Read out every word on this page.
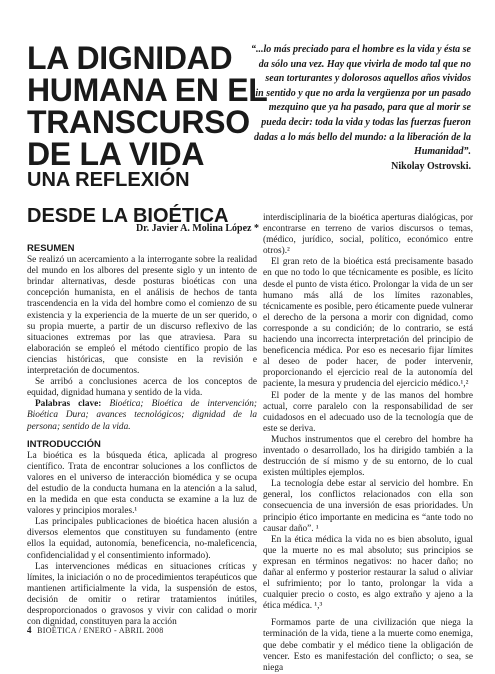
LA DIGNIDAD
HUMANA EN EL
TRANSCURSO
DE LA VIDA
UNA REFLEXIÓN
DESDE LA BIOÉTICA
“...lo más preciado para el hombre es la vida y ésta se da sólo una vez. Hay que vivirla de modo tal que no sean torturantes y dolorosos aquellos años vividos sin sentido y que no arda la vergüenza por un pasado mezquino que ya ha pasado, para que al morir se pueda decir: toda la vida y todas las fuerzas fueron dadas a lo más bello del mundo: a la liberación de la Humanidad”.
Nikolay Ostrovski.
Dr. Javier A. Molina López *
RESUMEN

Se realizó un acercamiento a la interrogante sobre la realidad del mundo en los albores del presente siglo y un intento de brindar alternativas, desde posturas bioéticas con una concepción humanista, en el análisis de hechos de tanta trascendencia en la vida del hombre como el comienzo de su existencia y la experiencia de la muerte de un ser querido, o su propia muerte, a partir de un discurso reflexivo de las situaciones extremas por las que atraviesa. Para su elaboración se empleó el método científico propio de las ciencias históricas, que consiste en la revisión e interpretación de documentos.

Se arribó a conclusiones acerca de los conceptos de equidad, dignidad humana y sentido de la vida.

Palabras clave: Bioética; Bioética de intervención; Bioética Dura; avances tecnológicos; dignidad de la persona; sentido de la vida.

INTRODUCCIÓN

La bioética es la búsqueda ética, aplicada al progreso científico. Trata de encontrar soluciones a los conflictos de valores en el universo de interacción biomédica y se ocupa del estudio de la conducta humana en la atención a la salud, en la medida en que esta conducta se examine a la luz de valores y principios morales.¹

Las principales publicaciones de bioética hacen alusión a diversos elementos que constituyen su fundamento (entre ellos la equidad, autonomía, beneficencia, no-maleficencia, confidencialidad y el consentimiento informado).

Las intervenciones médicas en situaciones críticas y límites, la iniciación o no de procedimientos terapéuticos que mantienen artificialmente la vida, la suspensión de estos, decisión de omitir o retirar tratamientos inútiles, desproporcionados o gravosos y vivir con calidad o morir con dignidad, constituyen para la acción

interdisciplinaria de la bioética aperturas dialógicas, por encontrarse en terreno de varios discursos o temas, (médico, jurídico, social, político, económico entre otros).²

El gran reto de la bioética está precisamente basado en que no todo lo que técnicamente es posible, es lícito desde el punto de vista ético. Prolongar la vida de un ser humano más allá de los límites razonables, técnicamente es posible, pero éticamente puede vulnerar el derecho de la persona a morir con dignidad, como corresponde a su condición; de lo contrario, se está haciendo una incorrecta interpretación del principio de beneficencia médica. Por eso es necesario fijar límites al deseo de poder hacer, de poder intervenir, proporcionando el ejercicio real de la autonomía del paciente, la mesura y prudencia del ejercicio médico.¹,²

El poder de la mente y de las manos del hombre actual, corre paralelo con la responsabilidad de ser cuidadosos en el adecuado uso de la tecnología que de este se deriva.

Muchos instrumentos que el cerebro del hombre ha inventado o desarrollado, los ha dirigido también a la destrucción de sí mismo y de su entorno, de lo cual existen múltiples ejemplos.

La tecnología debe estar al servicio del hombre. En general, los conflictos relacionados con ella son consecuencia de una inversión de esas prioridades. Un principio ético importante en medicina es “ante todo no causar daño”. ¹

En la ética médica la vida no es bien absoluto, igual que la muerte no es mal absoluto; sus principios se expresan en términos negativos: no hacer daño; no dañar al enfermo y posterior restaurar la salud o aliviar el sufrimiento; por lo tanto, prolongar la vida a cualquier precio o costo, es algo extraño y ajeno a la ética médica. ¹,³

Formamos parte de una civilización que niega la terminación de la vida, tiene a la muerte como enemiga, que debe combatir y el médico tiene la obligación de vencer. Esto es manifestación del conflicto; o sea, se niega

4 BIOÉTICA / ENERO - ABRIL 2008
